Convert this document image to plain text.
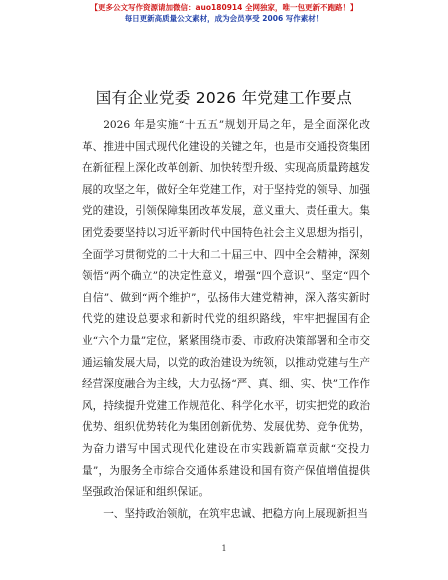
【更多公文写作资源请加微信：auo180914 全网独家，唯一包更新不跑路！】
每日更新高质量公文素材，成为会员享受 2006 写作素材！
国有企业党委 2026 年党建工作要点

2026 年是实施“十五五”规划开局之年，是全面深化改革、推进中国式现代化建设的关键之年，也是市交通投资集团在新征程上深化改革创新、加快转型升级、实现高质量跨越发展的攻坚之年，做好全年党建工作，对于坚持党的领导、加强党的建设，引领保障集团改革发展，意义重大、责任重大。集团党委要坚持以习近平新时代中国特色社会主义思想为指引，全面学习贯彻党的二十大和二十届三中、四中全会精神，深刻领悟“两个确立”的决定性意义，增强“四个意识”、坚定“四个自信”、做到“两个维护”，弘扬伟大建党精神，深入落实新时代党的建设总要求和新时代党的组织路线，牢牢把握国有企业“六个力量”定位，紧紧围绕市委、市政府决策部署和全市交通运输发展大局，以党的政治建设为统领，以推动党建与生产经营深度融合为主线，大力弘扬“严、真、细、实、快”工作作风，持续提升党建工作规范化、科学化水平，切实把党的政治优势、组织优势转化为集团创新优势、发展优势、竞争优势，为奋力谱写中国式现代化建设在市实践新篇章贡献“交投力量”，为服务全市综合交通体系建设和国有资产保值增值提供坚强政治保证和组织保证。

一、坚持政治领航，在筑牢忠诚、把稳方向上展现新担当

1
